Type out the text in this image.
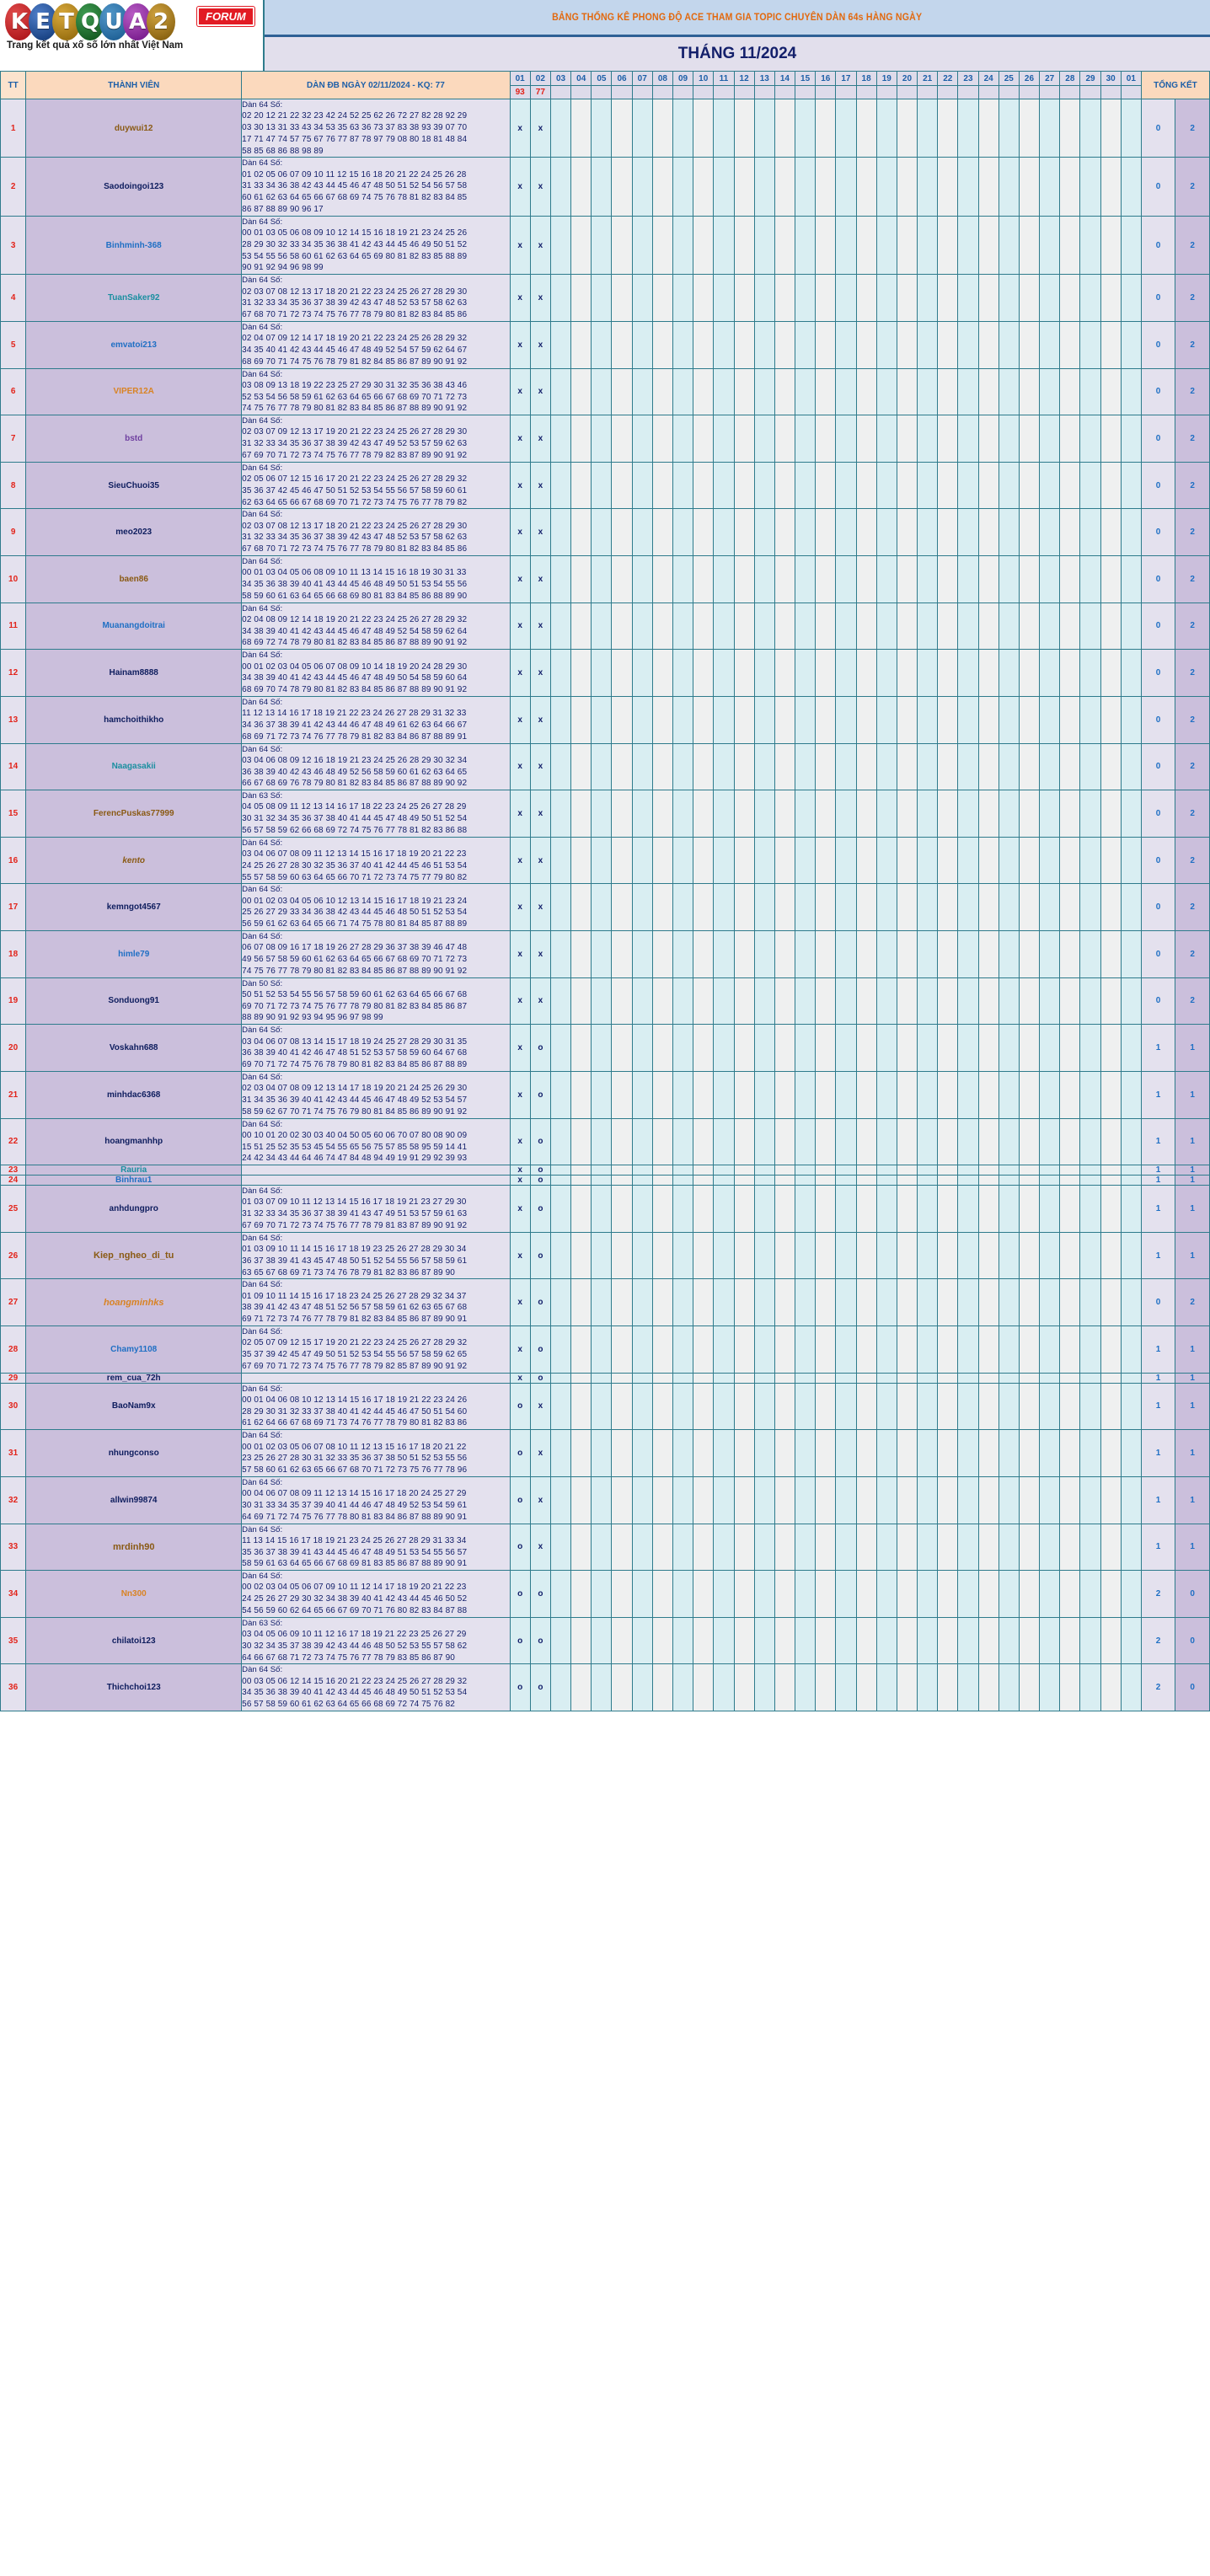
K E T Q U A 2	FORUM
Trang kết quả xố số lớn nhất Việt Nam
BẢNG THỐNG KÊ PHONG ĐỘ ACE THAM GIA TOPIC CHUYÊN DÀN 64s HÀNG NGÀY
THÁNG 11/2024
TT	THÀNH VIÊN	DÀN ĐB NGÀY 02/11/2024 - KQ: 77	01	02	03	04	05	06	07	08	09	10	11	12	13	14	15	16	17	18	19	20	21	22	23	24	25	26	27	28	29	30	01	TỔNG KẾT	
			93	77																															
1	duywui12	Dàn 64 Số:
02 20 12 21 22 32 23 42 24 52 25 62 26 72 27 82 28 92 29
03 30 13 31 33 43 34 53 35 63 36 73 37 83 38 93 39 07 70
17 71 47 74 57 75 67 76 77 87 78 97 79 08 80 18 81 48 84
58 85 68 86 88 98 89	x	x																														0	2
2	Saodoingoi123	Dàn 64 Số:
01 02 05 06 07 09 10 11 12 15 16 18 20 21 22 24 25 26 28
31 33 34 36 38 42 43 44 45 46 47 48 50 51 52 54 56 57 58
60 61 62 63 64 65 66 67 68 69 74 75 76 78 81 82 83 84 85
86 87 88 89 90 96 17	x	x																														0	2
3	Binhminh-368	Dàn 64 Số:
00 01 03 05 06 08 09 10 12 14 15 16 18 19 21 23 24 25 26
28 29 30 32 33 34 35 36 38 41 42 43 44 45 46 49 50 51 52
53 54 55 56 58 60 61 62 63 64 65 69 80 81 82 83 85 88 89
90 91 92 94 96 98 99	x	x																														0	2
4	TuanSaker92	Dàn 64 Số:
02 03 07 08 12 13 17 18 20 21 22 23 24 25 26 27 28 29 30
31 32 33 34 35 36 37 38 39 42 43 47 48 52 53 57 58 62 63
67 68 70 71 72 73 74 75 76 77 78 79 80 81 82 83 84 85 86	x	x																														0	2
5	emvatoi213	Dàn 64 Số:
02 04 07 09 12 14 17 18 19 20 21 22 23 24 25 26 28 29 32
34 35 40 41 42 43 44 45 46 47 48 49 52 54 57 59 62 64 67
68 69 70 71 74 75 76 78 79 81 82 84 85 86 87 89 90 91 92	x	x																														0	2
6	VIPER12A	Dàn 64 Số:
03 08 09 13 18 19 22 23 25 27 29 30 31 32 35 36 38 43 46
52 53 54 56 58 59 61 62 63 64 65 66 67 68 69 70 71 72 73
74 75 76 77 78 79 80 81 82 83 84 85 86 87 88 89 90 91 92	x	x																														0	2
7	bstd	Dàn 64 Số:
02 03 07 09 12 13 17 19 20 21 22 23 24 25 26 27 28 29 30
31 32 33 34 35 36 37 38 39 42 43 47 49 52 53 57 59 62 63
67 69 70 71 72 73 74 75 76 77 78 79 82 83 87 89 90 91 92	x	x																														0	2
8	SieuChuoi35	Dàn 64 Số:
02 05 06 07 12 15 16 17 20 21 22 23 24 25 26 27 28 29 32
35 36 37 42 45 46 47 50 51 52 53 54 55 56 57 58 59 60 61
62 63 64 65 66 67 68 69 70 71 72 73 74 75 76 77 78 79 82	x	x																														0	2
9	meo2023	Dàn 64 Số:
02 03 07 08 12 13 17 18 20 21 22 23 24 25 26 27 28 29 30
31 32 33 34 35 36 37 38 39 42 43 47 48 52 53 57 58 62 63
67 68 70 71 72 73 74 75 76 77 78 79 80 81 82 83 84 85 86	x	x																														0	2
10	baen86	Dàn 64 Số:
00 01 03 04 05 06 08 09 10 11 13 14 15 16 18 19 30 31 33
34 35 36 38 39 40 41 43 44 45 46 48 49 50 51 53 54 55 56
58 59 60 61 63 64 65 66 68 69 80 81 83 84 85 86 88 89 90	x	x																														0	2
11	Muanangdoitrai	Dàn 64 Số:
02 04 08 09 12 14 18 19 20 21 22 23 24 25 26 27 28 29 32
34 38 39 40 41 42 43 44 45 46 47 48 49 52 54 58 59 62 64
68 69 72 74 78 79 80 81 82 83 84 85 86 87 88 89 90 91 92	x	x																														0	2
12	Hainam8888	Dàn 64 Số:
00 01 02 03 04 05 06 07 08 09 10 14 18 19 20 24 28 29 30
34 38 39 40 41 42 43 44 45 46 47 48 49 50 54 58 59 60 64
68 69 70 74 78 79 80 81 82 83 84 85 86 87 88 89 90 91 92	x	x																														0	2
13	hamchoithikho	Dàn 64 Số:
11 12 13 14 16 17 18 19 21 22 23 24 26 27 28 29 31 32 33
34 36 37 38 39 41 42 43 44 46 47 48 49 61 62 63 64 66 67
68 69 71 72 73 74 76 77 78 79 81 82 83 84 86 87 88 89 91	x	x																														0	2
14	Naagasakii	Dàn 64 Số:
03 04 06 08 09 12 16 18 19 21 23 24 25 26 28 29 30 32 34
36 38 39 40 42 43 46 48 49 52 56 58 59 60 61 62 63 64 65
66 67 68 69 76 78 79 80 81 82 83 84 85 86 87 88 89 90 92	x	x																														0	2
15	FerencPuskas77999	Dàn 63 Số:
04 05 08 09 11 12 13 14 16 17 18 22 23 24 25 26 27 28 29
30 31 32 34 35 36 37 38 40 41 44 45 47 48 49 50 51 52 54
56 57 58 59 62 66 68 69 72 74 75 76 77 78 81 82 83 86 88	x	x																														0	2
16	kento	Dàn 64 Số:
03 04 06 07 08 09 11 12 13 14 15 16 17 18 19 20 21 22 23
24 25 26 27 28 30 32 35 36 37 40 41 42 44 45 46 51 53 54
55 57 58 59 60 63 64 65 66 70 71 72 73 74 75 77 79 80 82	x	x																														0	2
17	kemngot4567	Dàn 64 Số:
00 01 02 03 04 05 06 10 12 13 14 15 16 17 18 19 21 23 24
25 26 27 29 33 34 36 38 42 43 44 45 46 48 50 51 52 53 54
56 59 61 62 63 64 65 66 71 74 75 78 80 81 84 85 87 88 89	x	x																														0	2
18	himle79	Dàn 64 Số:
06 07 08 09 16 17 18 19 26 27 28 29 36 37 38 39 46 47 48
49 56 57 58 59 60 61 62 63 64 65 66 67 68 69 70 71 72 73
74 75 76 77 78 79 80 81 82 83 84 85 86 87 88 89 90 91 92	x	x																														0	2
19	Sonduong91	Dàn 50 Số:
50 51 52 53 54 55 56 57 58 59 60 61 62 63 64 65 66 67 68
69 70 71 72 73 74 75 76 77 78 79 80 81 82 83 84 85 86 87
88 89 90 91 92 93 94 95 96 97 98 99	x	x																														0	2
20	Voskahn688	Dàn 64 Số:
03 04 06 07 08 13 14 15 17 18 19 24 25 27 28 29 30 31 35
36 38 39 40 41 42 46 47 48 51 52 53 57 58 59 60 64 67 68
69 70 71 72 74 75 76 78 79 80 81 82 83 84 85 86 87 88 89	x	o																														1	1
21	minhdac6368	Dàn 64 Số:
02 03 04 07 08 09 12 13 14 17 18 19 20 21 24 25 26 29 30
31 34 35 36 39 40 41 42 43 44 45 46 47 48 49 52 53 54 57
58 59 62 67 70 71 74 75 76 79 80 81 84 85 86 89 90 91 92	x	o																														1	1
22	hoangmanhhp	Dàn 64 Số:
00 10 01 20 02 30 03 40 04 50 05 60 06 70 07 80 08 90 09
15 51 25 52 35 53 45 54 55 65 56 75 57 85 58 95 59 14 41
24 42 34 43 44 64 46 74 47 84 48 94 49 19 91 29 92 39 93	x	o																														1	1
23	Rauria		x	o																														1	1
24	Binhrau1		x	o																														1	1
25	anhdungpro	Dàn 64 Số:
01 03 07 09 10 11 12 13 14 15 16 17 18 19 21 23 27 29 30
31 32 33 34 35 36 37 38 39 41 43 47 49 51 53 57 59 61 63
67 69 70 71 72 73 74 75 76 77 78 79 81 83 87 89 90 91 92	x	o																														1	1
26	Kiep_ngheo_di_tu	Dàn 64 Số:
01 03 09 10 11 14 15 16 17 18 19 23 25 26 27 28 29 30 34
36 37 38 39 41 43 45 47 48 50 51 52 54 55 56 57 58 59 61
63 65 67 68 69 71 73 74 76 78 79 81 82 83 86 87 89 90	x	o																														1	1
27	hoangminhks	Dàn 64 Số:
01 09 10 11 14 15 16 17 18 23 24 25 26 27 28 29 32 34 37
38 39 41 42 43 47 48 51 52 56 57 58 59 61 62 63 65 67 68
69 71 72 73 74 76 77 78 79 81 82 83 84 85 86 87 89 90 91	x	o																														0	2
28	Chamy1108	Dàn 64 Số:
02 05 07 09 12 15 17 19 20 21 22 23 24 25 26 27 28 29 32
35 37 39 42 45 47 49 50 51 52 53 54 55 56 57 58 59 62 65
67 69 70 71 72 73 74 75 76 77 78 79 82 85 87 89 90 91 92	x	o																														1	1
29	rem_cua_72h		x	o																														1	1
30	BaoNam9x	Dàn 64 Số:
00 01 04 06 08 10 12 13 14 15 16 17 18 19 21 22 23 24 26
28 29 30 31 32 33 37 38 40 41 42 44 45 46 47 50 51 54 60
61 62 64 66 67 68 69 71 73 74 76 77 78 79 80 81 82 83 86	o	x																														1	1
31	nhungconso	Dàn 64 Số:
00 01 02 03 05 06 07 08 10 11 12 13 15 16 17 18 20 21 22
23 25 26 27 28 30 31 32 33 35 36 37 38 50 51 52 53 55 56
57 58 60 61 62 63 65 66 67 68 70 71 72 73 75 76 77 78 96	o	x																														1	1
32	allwin99874	Dàn 64 Số:
00 04 06 07 08 09 11 12 13 14 15 16 17 18 20 24 25 27 29
30 31 33 34 35 37 39 40 41 44 46 47 48 49 52 53 54 59 61
64 69 71 72 74 75 76 77 78 80 81 83 84 86 87 88 89 90 91	o	x																														1	1
33	mrdinh90	Dàn 64 Số:
11 13 14 15 16 17 18 19 21 23 24 25 26 27 28 29 31 33 34
35 36 37 38 39 41 43 44 45 46 47 48 49 51 53 54 55 56 57
58 59 61 63 64 65 66 67 68 69 81 83 85 86 87 88 89 90 91	o	x																														1	1
34	Nn300	Dàn 64 Số:
00 02 03 04 05 06 07 09 10 11 12 14 17 18 19 20 21 22 23
24 25 26 27 29 30 32 34 38 39 40 41 42 43 44 45 46 50 52
54 56 59 60 62 64 65 66 67 69 70 71 76 80 82 83 84 87 88	o	o																														2	0
35	chilatoi123	Dàn 63 Số:
03 04 05 06 09 10 11 12 16 17 18 19 21 22 23 25 26 27 29
30 32 34 35 37 38 39 42 43 44 46 48 50 52 53 55 57 58 62
64 66 67 68 71 72 73 74 75 76 77 78 79 83 85 86 87 90	o	o																														2	0
36	Thichchoi123	Dàn 64 Số:
00 03 05 06 12 14 15 16 20 21 22 23 24 25 26 27 28 29 32
34 35 36 38 39 40 41 42 43 44 45 46 48 49 50 51 52 53 54
56 57 58 59 60 61 62 63 64 65 66 68 69 72 74 75 76 82	o	o																														2	0
